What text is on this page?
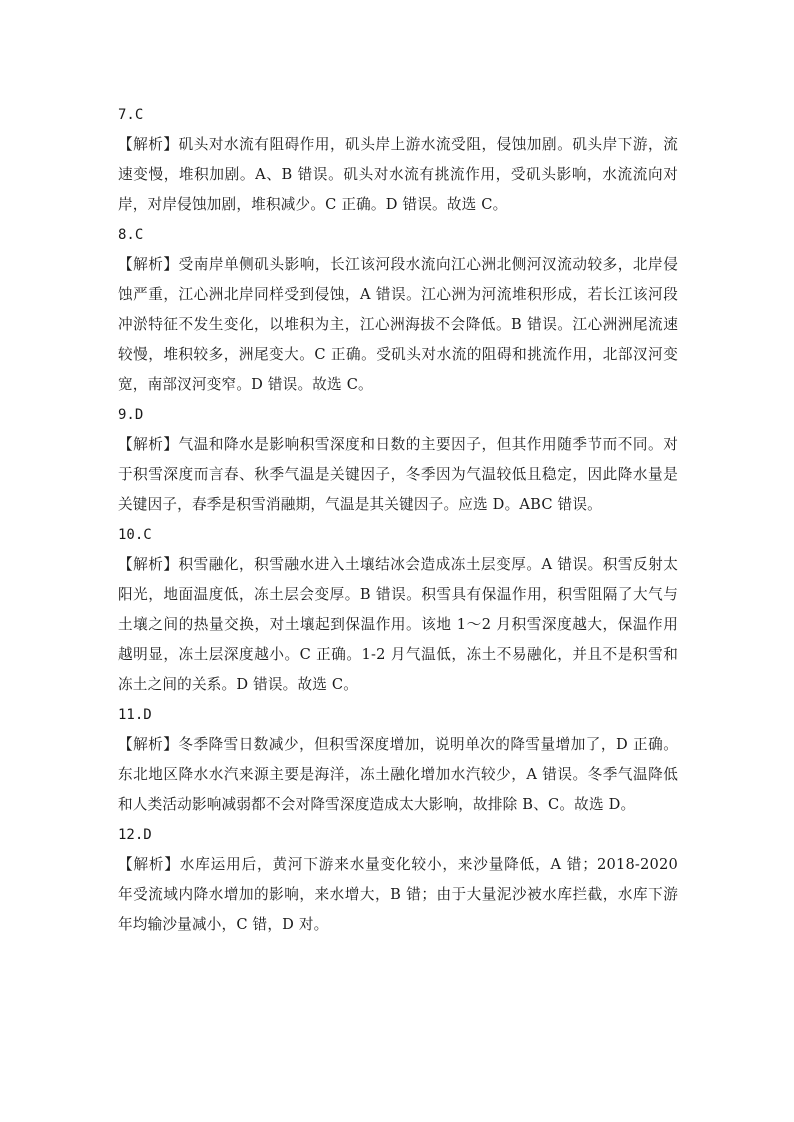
7.C

【解析】矶头对水流有阻碍作用，矶头岸上游水流受阻，侵蚀加剧。矶头岸下游，流速变慢，堆积加剧。A、B 错误。矶头对水流有挑流作用，受矶头影响，水流流向对岸，对岸侵蚀加剧，堆积减少。C 正确。D 错误。故选 C。

8.C

【解析】受南岸单侧矶头影响，长江该河段水流向江心洲北侧河汊流动较多，北岸侵蚀严重，江心洲北岸同样受到侵蚀，A 错误。江心洲为河流堆积形成，若长江该河段冲淤特征不发生变化，以堆积为主，江心洲海拔不会降低。B 错误。江心洲洲尾流速较慢，堆积较多，洲尾变大。C 正确。受矶头对水流的阻碍和挑流作用，北部汊河变宽，南部汊河变窄。D 错误。故选 C。

9.D

【解析】气温和降水是影响积雪深度和日数的主要因子，但其作用随季节而不同。对于积雪深度而言春、秋季气温是关键因子，冬季因为气温较低且稳定，因此降水量是关键因子，春季是积雪消融期，气温是其关键因子。应选 D。ABC 错误。

10.C

【解析】积雪融化，积雪融水进入土壤结冰会造成冻土层变厚。A 错误。积雪反射太阳光，地面温度低，冻土层会变厚。B 错误。积雪具有保温作用，积雪阻隔了大气与土壤之间的热量交换，对土壤起到保温作用。该地 1～2 月积雪深度越大，保温作用越明显，冻土层深度越小。C 正确。1-2 月气温低，冻土不易融化，并且不是积雪和冻土之间的关系。D 错误。故选 C。

11.D

【解析】冬季降雪日数减少，但积雪深度增加，说明单次的降雪量增加了，D 正确。东北地区降水水汽来源主要是海洋，冻土融化增加水汽较少，A 错误。冬季气温降低和人类活动影响减弱都不会对降雪深度造成太大影响，故排除 B、C。故选 D。

12.D

【解析】水库运用后，黄河下游来水量变化较小，来沙量降低，A 错；2018-2020 年受流域内降水增加的影响，来水增大，B 错；由于大量泥沙被水库拦截，水库下游年均输沙量减小，C 错，D 对。
